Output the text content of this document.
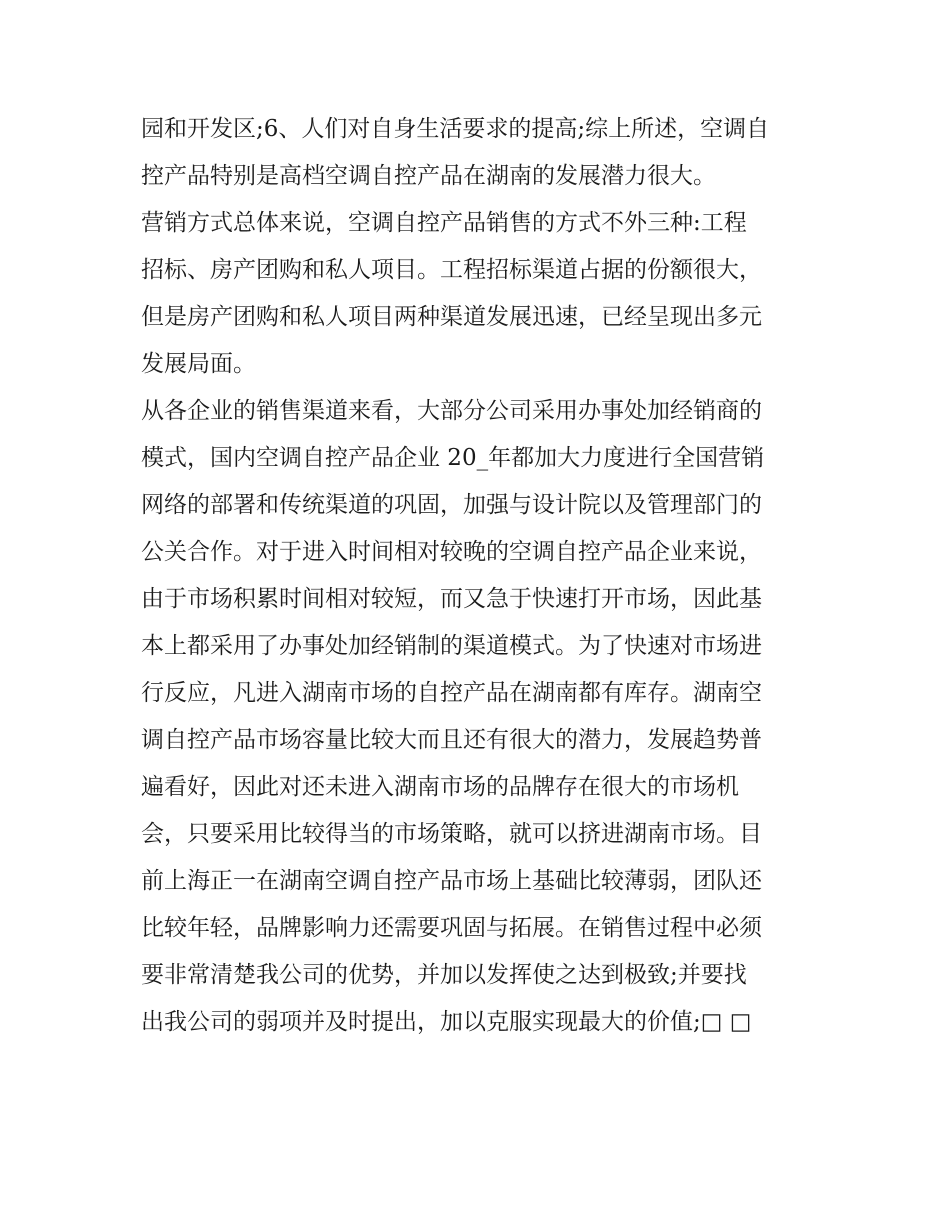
园和开发区;6、人们对自身生活要求的提高;综上所述，空调自
控产品特别是高档空调自控产品在湖南的发展潜力很大。
营销方式总体来说，空调自控产品销售的方式不外三种:工程
招标、房产团购和私人项目。工程招标渠道占据的份额很大，
但是房产团购和私人项目两种渠道发展迅速，已经呈现出多元
发展局面。
从各企业的销售渠道来看，大部分公司采用办事处加经销商的
模式，国内空调自控产品企业 20_年都加大力度进行全国营销
网络的部署和传统渠道的巩固，加强与设计院以及管理部门的
公关合作。对于进入时间相对较晚的空调自控产品企业来说，
由于市场积累时间相对较短，而又急于快速打开市场，因此基
本上都采用了办事处加经销制的渠道模式。为了快速对市场进
行反应，凡进入湖南市场的自控产品在湖南都有库存。湖南空
调自控产品市场容量比较大而且还有很大的潜力，发展趋势普
遍看好，因此对还未进入湖南市场的品牌存在很大的市场机
会，只要采用比较得当的市场策略，就可以挤进湖南市场。目
前上海正一在湖南空调自控产品市场上基础比较薄弱，团队还
比较年轻，品牌影响力还需要巩固与拓展。在销售过程中必须
要非常清楚我公司的优势，并加以发挥使之达到极致;并要找
出我公司的弱项并及时提出，加以克服实现最大的价值;□ □
